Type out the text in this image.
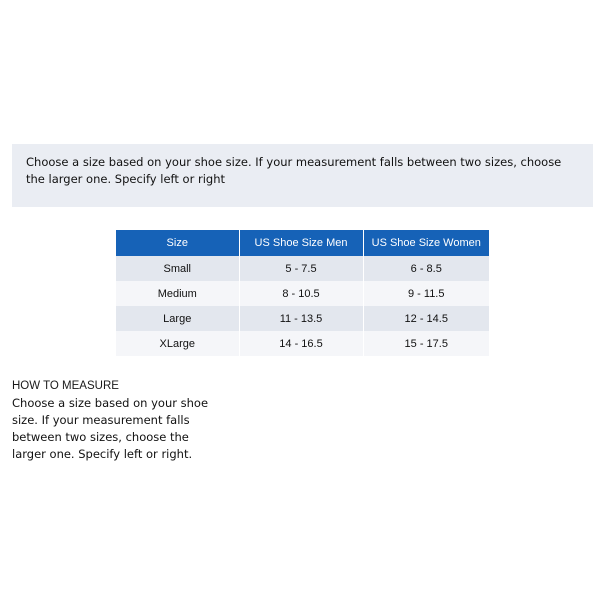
Choose a size based on your shoe size. If your measurement falls between two sizes, choose the larger one. Specify left or right
Size	US Shoe Size Men	US Shoe Size Women
Small	5 - 7.5	6 - 8.5
Medium	8 - 10.5	9 - 11.5
Large	11 - 13.5	12 - 14.5
XLarge	14 - 16.5	15 - 17.5
HOW TO MEASURE
Choose a size based on your shoe size. If your measurement falls between two sizes, choose the larger one. Specify left or right.
